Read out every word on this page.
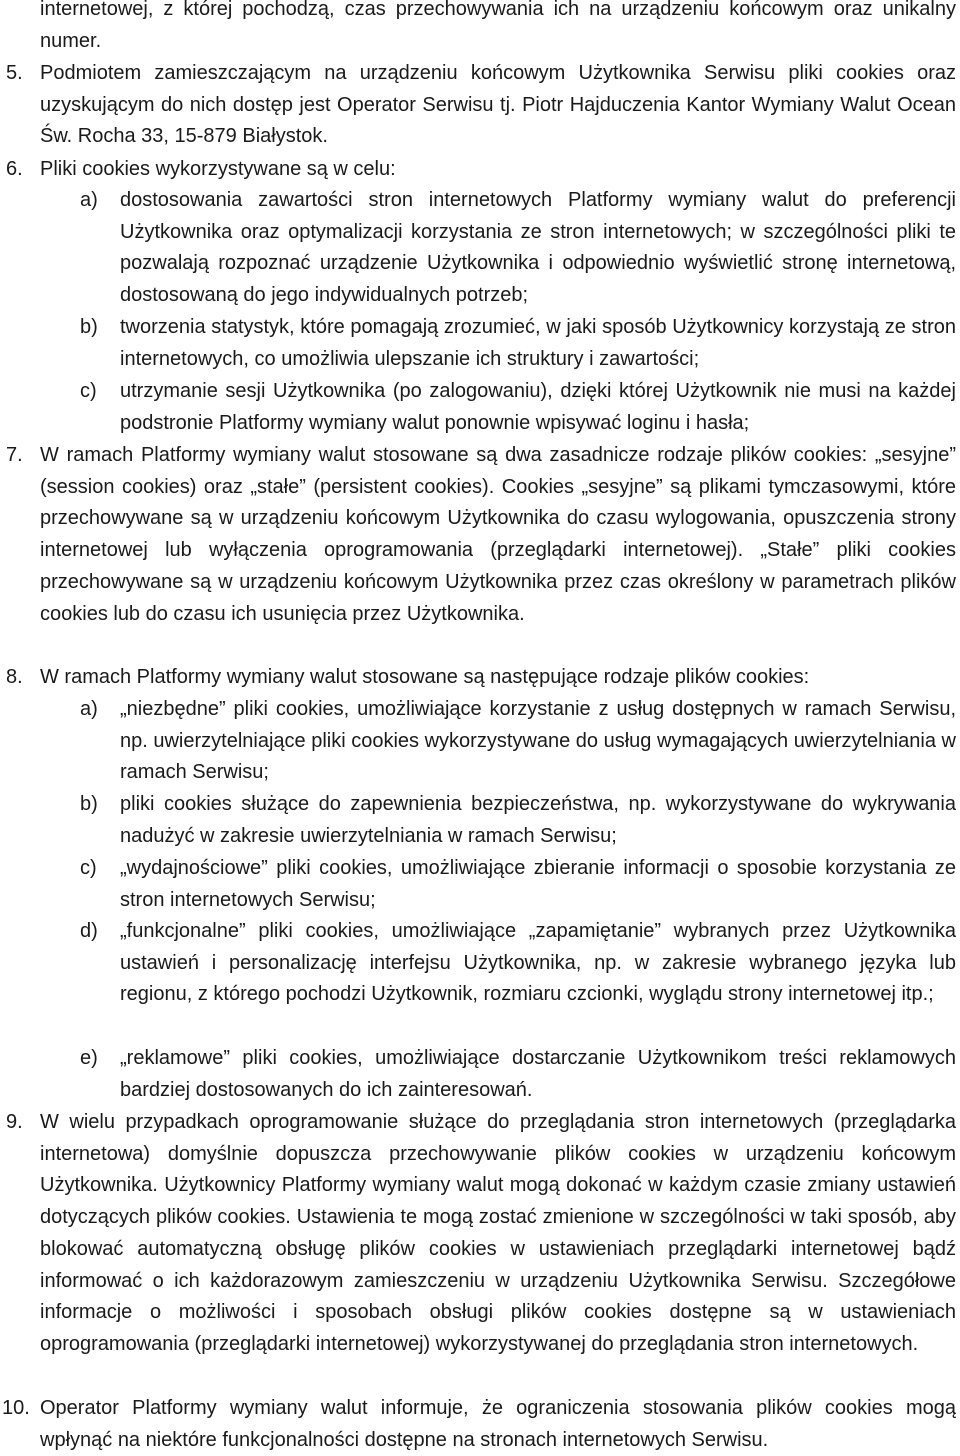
internetowej, z której pochodzą, czas przechowywania ich na urządzeniu końcowym oraz unikalny numer.
5. Podmiotem zamieszczającym na urządzeniu końcowym Użytkownika Serwisu pliki cookies oraz uzyskującym do nich dostęp jest Operator Serwisu tj. Piotr Hajduczenia Kantor Wymiany Walut Ocean Św. Rocha 33, 15-879 Białystok.
6. Pliki cookies wykorzystywane są w celu:
a)	dostosowania zawartości stron internetowych Platformy wymiany walut do preferencji Użytkownika oraz optymalizacji korzystania ze stron internetowych; w szczególności pliki te pozwalają rozpoznać urządzenie Użytkownika i odpowiednio wyświetlić stronę internetową, dostosowaną do jego indywidualnych potrzeb;
b)	tworzenia statystyk, które pomagają zrozumieć, w jaki sposób Użytkownicy korzystają ze stron internetowych, co umożliwia ulepszanie ich struktury i zawartości;
c)	utrzymanie sesji Użytkownika (po zalogowaniu), dzięki której Użytkownik nie musi na każdej podstronie Platformy wymiany walut ponownie wpisywać loginu i hasła;
7. W ramach Platformy wymiany walut stosowane są dwa zasadnicze rodzaje plików cookies: „sesyjne” (session cookies) oraz „stałe” (persistent cookies). Cookies „sesyjne” są plikami tymczasowymi, które przechowywane są w urządzeniu końcowym Użytkownika do czasu wylogowania, opuszczenia strony internetowej lub wyłączenia oprogramowania (przeglądarki internetowej). „Stałe” pliki cookies przechowywane są w urządzeniu końcowym Użytkownika przez czas określony w parametrach plików cookies lub do czasu ich usunięcia przez Użytkownika.
8. W ramach Platformy wymiany walut stosowane są następujące rodzaje plików cookies:
a)	„niezbędne” pliki cookies, umożliwiające korzystanie z usług dostępnych w ramach Serwisu, np. uwierzytelniające pliki cookies wykorzystywane do usług wymagających uwierzytelniania w ramach Serwisu;
b)	pliki cookies służące do zapewnienia bezpieczeństwa, np. wykorzystywane do wykrywania nadużyć w zakresie uwierzytelniania w ramach Serwisu;
c)	„wydajnościowe” pliki cookies, umożliwiające zbieranie informacji o sposobie korzystania ze stron internetowych Serwisu;
d)	„funkcjonalne” pliki cookies, umożliwiające „zapamiętanie” wybranych przez Użytkownika ustawień i personalizację interfejsu Użytkownika, np. w zakresie wybranego języka lub regionu, z którego pochodzi Użytkownik, rozmiaru czcionki, wyglądu strony internetowej itp.;
e)	„reklamowe” pliki cookies, umożliwiające dostarczanie Użytkownikom treści reklamowych bardziej dostosowanych do ich zainteresowań.
9. W wielu przypadkach oprogramowanie służące do przeglądania stron internetowych (przeglądarka internetowa) domyślnie dopuszcza przechowywanie plików cookies w urządzeniu końcowym Użytkownika. Użytkownicy Platformy wymiany walut mogą dokonać w każdym czasie zmiany ustawień dotyczących plików cookies. Ustawienia te mogą zostać zmienione w szczególności w taki sposób, aby blokować automatyczną obsługę plików cookies w ustawieniach przeglądarki internetowej bądź informować o ich każdorazowym zamieszczeniu w urządzeniu Użytkownika Serwisu. Szczegółowe informacje o możliwości i sposobach obsługi plików cookies dostępne są w ustawieniach oprogramowania (przeglądarki internetowej) wykorzystywanej do przeglądania stron internetowych.
10. Operator Platformy wymiany walut informuje, że ograniczenia stosowania plików cookies mogą wpłynąć na niektóre funkcjonalności dostępne na stronach internetowych Serwisu.
